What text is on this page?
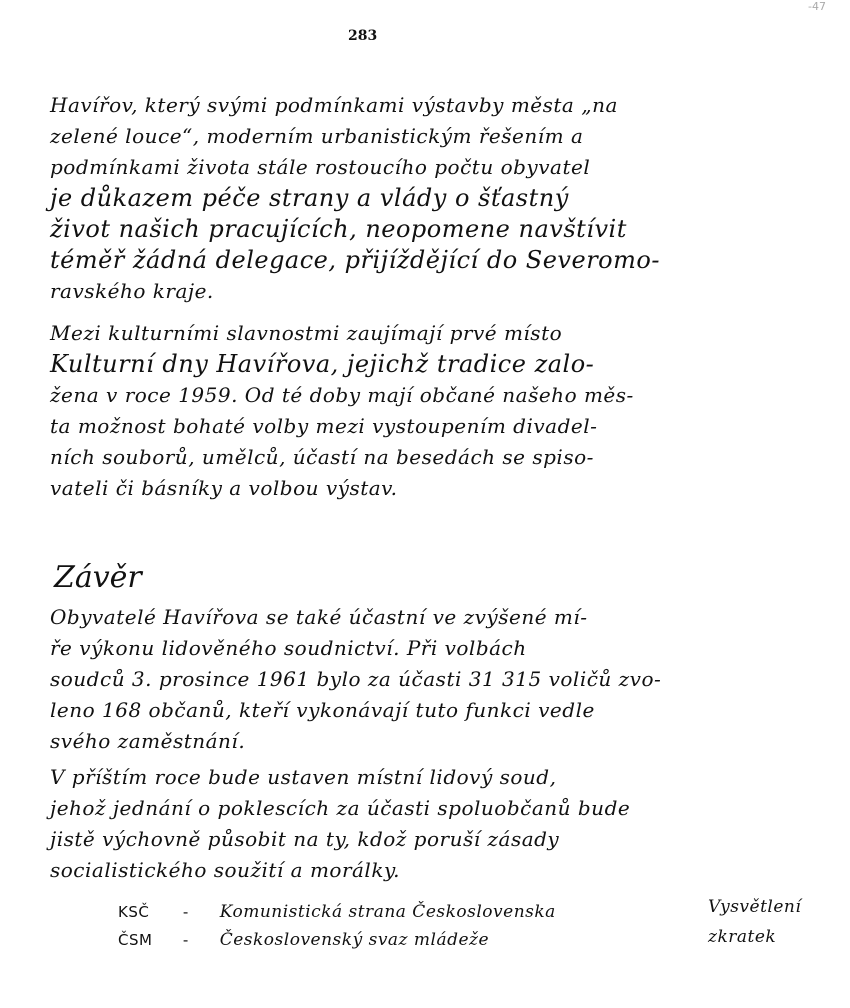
283
-47
Havířov, který svými podmínkami výstavby města „na
zelené louce“, moderním urbanistickým řešením a
podmínkami života stále rostoucího počtu obyvatel
je důkazem péče strany a vlády o šťastný
život našich pracujících, neopomene navštívit
téměř žádná delegace, přijíždějící do Severomo-
ravského kraje.
Mezi kulturními slavnostmi zaujímají prvé místo
Kulturní dny Havířova, jejichž tradice zalo-
žena v roce 1959. Od té doby mají občané našeho měs-
ta možnost bohaté volby mezi vystoupením divadel-
ních souborů, umělců, účastí na besedách se spiso-
vateli či básníky a volbou výstav.
Závěr
Obyvatelé Havířova se také účastní ve zvýšené mí-
ře výkonu lidověného soudnictví. Při volbách
soudců 3. prosince 1961 bylo za účasti 31 315 voličů zvo-
leno 168 občanů, kteří vykonávají tuto funkci vedle
svého zaměstnání.
V příštím roce bude ustaven místní lidový soud,
jehož jednání o poklescích za účasti spoluobčanů bude
jistě výchovně působit na ty, kdož poruší zásady
socialistického soužití a morálky.
KSČ - Komunistická strana Československa
ČSM - Československý svaz mládeže
Vysvětlení
zkratek
